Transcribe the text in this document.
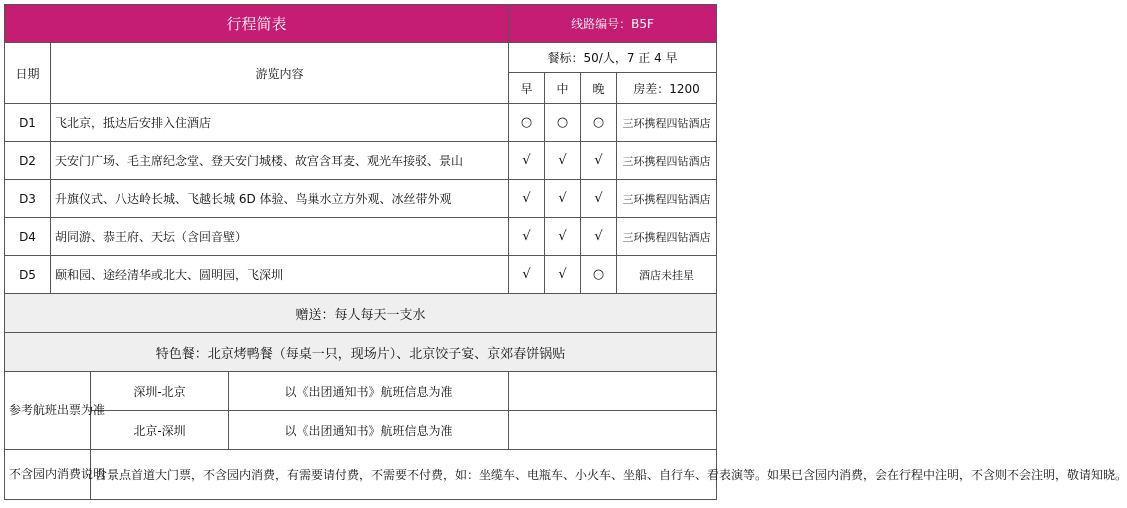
行程简表				线路编号：B5F			
日期	游览内容			餐标：50/人，7 正 4 早			
				早	中	晚	房差：1200
D1	飞北京，抵达后安排入住酒店			○	○	○	三环携程四钻酒店
D2	天安门广场、毛主席纪念堂、登天安门城楼、故宫含耳麦、观光车接驳、景山			√	√	√	三环携程四钻酒店
D3	升旗仪式、八达岭长城、飞越长城 6D 体验、鸟巢水立方外观、冰丝带外观			√	√	√	三环携程四钻酒店
D4	胡同游、恭王府、天坛（含回音壁）			√	√	√	三环携程四钻酒店
D5	颐和园、途经清华或北大、圆明园，飞深圳			√	√	○	酒店未挂星
赠送：每人每天一支水							
特色餐：北京烤鸭餐（每桌一只，现场片）、北京饺子宴、京郊春饼锅贴							
参考航班出票为准		深圳-北京	以《出团通知书》航班信息为准				
		北京-深圳	以《出团通知书》航班信息为准				
不含园内消费说明		含景点首道大门票，不含园内消费，有需要请付费，不需要不付费，如：坐缆车、电瓶车、小火车、坐船、自行车、看表演等。如果已含园内消费，会在行程中注明，不含则不会注明，敬请知晓。					
